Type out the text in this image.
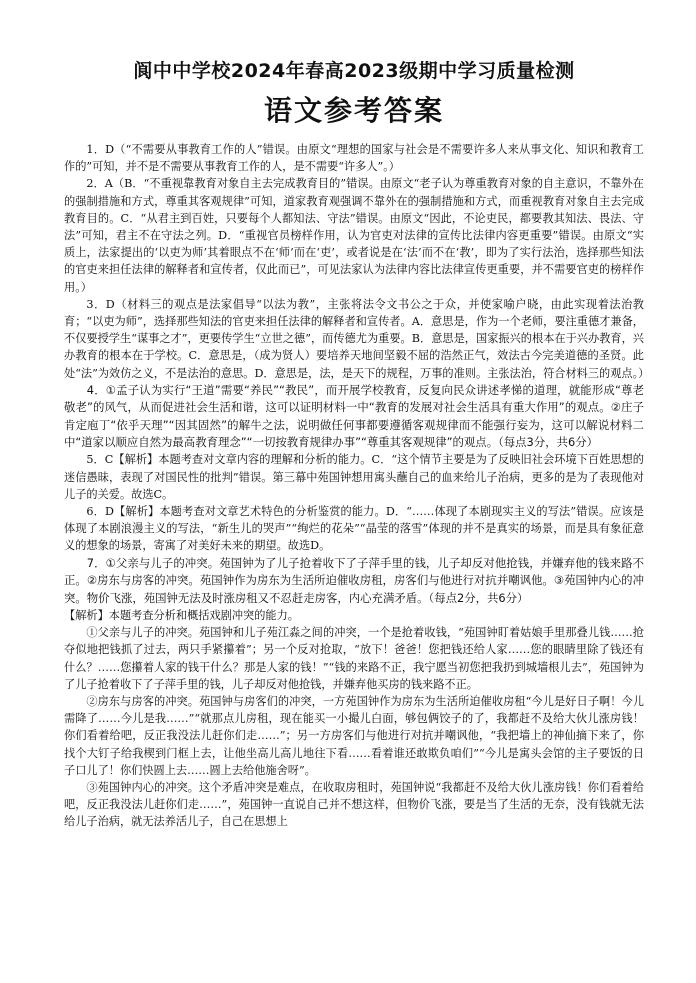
阆中中学校2024年春高2023级期中学习质量检测
语文参考答案

1．D（“不需要从事教育工作的人”错误。由原文“理想的国家与社会是不需要许多人来从事文化、知识和教育工作的”可知，并不是不需要从事教育工作的人，是不需要“许多人”。）

2．A（B．“不重视靠教育对象自主去完成教育目的”错误。由原文“老子认为尊重教育对象的自主意识，不靠外在的强制措施和方式，尊重其客观规律”可知，道家教育观强调不靠外在的强制措施和方式，而重视教育对象自主去完成教育目的。C．“从君主到百姓，只要每个人都知法、守法”错误。由原文“因此，不论吏民，都要教其知法、畏法、守法”可知，君主不在守法之列。D．“重视官员榜样作用，认为官吏对法律的宣传比法律内容更重要”错误。由原文“实质上，法家提出的‘以吏为师’其着眼点不在‘师’而在‘吏’，或者说是在‘法’而不在‘教’，即为了实行法治，选择那些知法的官吏来担任法律的解释者和宣传者，仅此而已”，可见法家认为法律内容比法律宣传更重要，并不需要官吏的榜样作用。）

3．D（材料三的观点是法家倡导“以法为教”，主张将法令文书公之于众，并使家喻户晓，由此实现着法治教育；“以吏为师”，选择那些知法的官吏来担任法律的解释者和宣传者。A．意思是，作为一个老师，要注重德才兼备，不仅要授学生“谋事之才”，更要传学生“立世之德”，而传德尤为重要。B．意思是，国家振兴的根本在于兴办教育，兴办教育的根本在于学校。C．意思是，（成为贤人）要培养天地间坚毅不屈的浩然正气，效法古今完美道德的圣贤。此处“法”为效仿之义，不是法治的意思。D．意思是，法，是天下的规程，万事的准则。主张法治，符合材料三的观点。）

4．①孟子认为实行“王道”需要“养民”“教民”，而开展学校教育，反复向民众讲述孝悌的道理，就能形成“尊老敬老”的风气，从而促进社会生活和谐，这可以证明材料一中“教育的发展对社会生活具有重大作用”的观点。②庄子肯定庖丁“依乎天理”“因其固然”的解牛之法，说明做任何事都要遵循客观规律而不能强行妄为，这可以解说材料二中“道家以顺应自然为最高教育理念”“一切按教育规律办事”“尊重其客观规律”的观点。（每点3分，共6分）

5．C【解析】本题考查对文章内容的理解和分析的能力。C．“这个情节主要是为了反映旧社会环境下百姓思想的迷信愚昧，表现了对国民性的批判”错误。第三幕中苑国钟想用寓头蘸自己的血来给儿子治病，更多的是为了表现他对儿子的关爱。故选C。

6．D【解析】本题考查对文章艺术特色的分析鉴赏的能力。D．“……体现了本剧现实主义的写法”错误。应该是体现了本剧浪漫主义的写法，“新生儿的哭声”“绚烂的花朵”“晶莹的落雪”体现的并不是真实的场景，而是具有象征意义的想象的场景，寄寓了对美好未来的期望。故选D。

7．①父亲与儿子的冲突。苑国钟为了儿子抢着收下了子萍手里的钱，儿子却反对他抢钱，并嫌弃他的钱来路不正。②房东与房客的冲突。苑国钟作为房东为生活所迫催收房租，房客们与他进行对抗并嘲讽他。③苑国钟内心的冲突。物价飞涨，苑国钟无法及时涨房租又不忍赶走房客，内心充满矛盾。（每点2分，共6分）

【解析】本题考查分析和概括戏剧冲突的能力。

①父亲与儿子的冲突。苑国钟和儿子苑江淼之间的冲突，一个是抢着收钱，“苑国钟盯着姑娘手里那叠儿钱……抢夺似地把钱抓了过去，两只手紧攥着”；另一个反对抢取，“放下！爸爸！您把钱还给人家……您的眼睛里除了钱还有什么？……您攥着人家的钱干什么？那是人家的钱！”“钱的来路不正，我宁愿当初您把我扔到城墙根儿去”，苑国钟为了儿子抢着收下了子萍手里的钱，儿子却反对他抢钱，并嫌弃他买房的钱来路不正。

②房东与房客的冲突。苑国钟与房客们的冲突，一方苑国钟作为房东为生活所迫催收房租“今儿是好日子啊！今儿需降了……今儿是我……”“就那点儿房租，现在能买一小撮儿白面，够包俩饺子的了，我都赶不及给大伙儿涨房钱！你们看着给吧，反正我没法儿赶你们走……”；另一方房客们与他进行对抗并嘲讽他，“我把墙上的神仙摘下来了，你找个大钉子给我楔到门框上去，让他坐高儿高儿地往下看……看着谁还敢欺负咱们”“今儿是寓头会馆的主子要饭的日子口儿了！你们快圆上去……圆上去给他施舍呀”。

③苑国钟内心的冲突。这个矛盾冲突是难点，在收取房租时，苑国钟说“我都赶不及给大伙儿涨房钱！你们看着给吧，反正我没法儿赶你们走……”，苑国钟一直说自己并不想这样，但物价飞涨，要是当了生活的无奈，没有钱就无法给儿子治病，就无法养活儿子，自己在思想上
